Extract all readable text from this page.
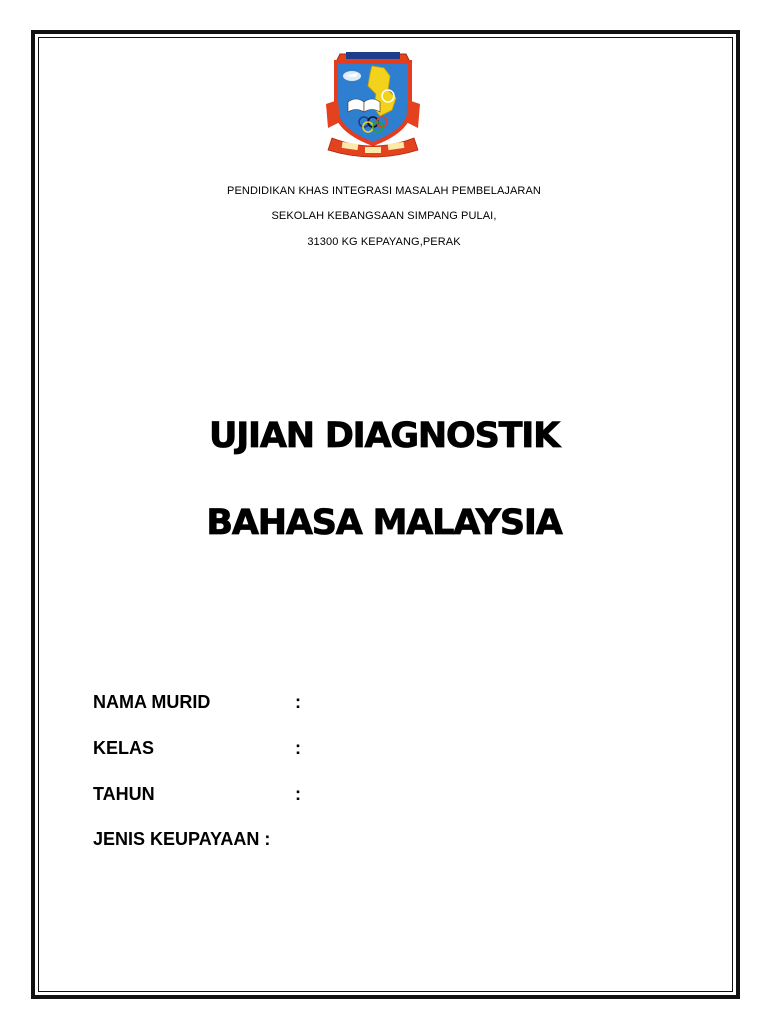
PENDIDIKAN KHAS INTEGRASI MASALAH PEMBELAJARAN
SEKOLAH KEBANGSAAN SIMPANG PULAI,
31300 KG KEPAYANG,PERAK
UJIAN DIAGNOSTIK
BAHASA MALAYSIA
NAMA MURID	:
KELAS	:
TAHUN	:
JENIS KEUPAYAAN :
